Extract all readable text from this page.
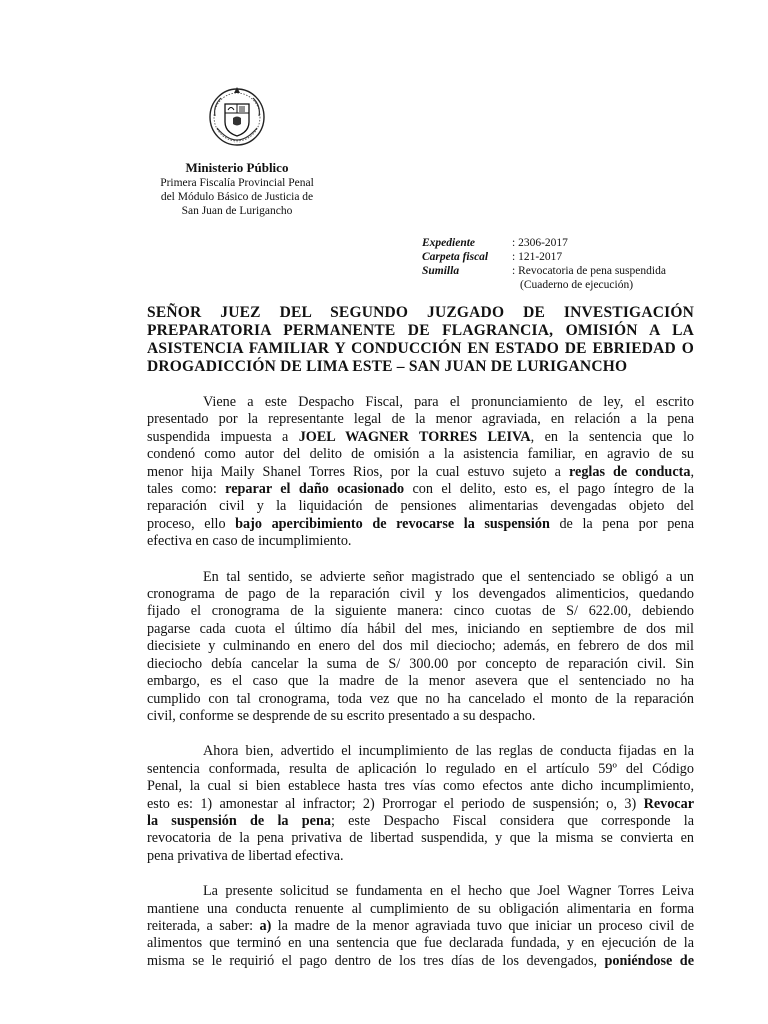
· · ·
Ministerio Público
Primera Fiscalía Provincial Penal
del Módulo Básico de Justicia de
San Juan de Lurigancho
Expediente	: 2306-2017
Carpeta fiscal	: 121-2017
Sumilla	: Revocatoria de pena suspendida
(Cuaderno de ejecución)
SEÑOR JUEZ DEL SEGUNDO JUZGADO DE INVESTIGACIÓN
PREPARATORIA PERMANENTE DE FLAGRANCIA, OMISIÓN A LA
ASISTENCIA FAMILIAR Y CONDUCCIÓN EN ESTADO DE EBRIEDAD O
DROGADICCIÓN DE LIMA ESTE – SAN JUAN DE LURIGANCHO

Viene a este Despacho Fiscal, para el pronunciamiento de ley, el escrito
presentado por la representante legal de la menor agraviada, en relación a la pena
suspendida impuesta a JOEL WAGNER TORRES LEIVA, en la sentencia que lo
condenó como autor del delito de omisión a la asistencia familiar, en agravio de su
menor hija Maily Shanel Torres Rios, por la cual estuvo sujeto a reglas de conducta,
tales como: reparar el daño ocasionado con el delito, esto es, el pago íntegro de la
reparación civil y la liquidación de pensiones alimentarias devengadas objeto del
proceso, ello bajo apercibimiento de revocarse la suspensión de la pena por pena
efectiva en caso de incumplimiento.

En tal sentido, se advierte señor magistrado que el sentenciado se obligó a un
cronograma de pago de la reparación civil y los devengados alimenticios, quedando
fijado el cronograma de la siguiente manera: cinco cuotas de S/ 622.00, debiendo
pagarse cada cuota el último día hábil del mes, iniciando en septiembre de dos mil
diecisiete y culminando en enero del dos mil dieciocho; además, en febrero de dos mil
dieciocho debía cancelar la suma de S/ 300.00 por concepto de reparación civil. Sin
embargo, es el caso que la madre de la menor asevera que el sentenciado no ha
cumplido con tal cronograma, toda vez que no ha cancelado el monto de la reparación
civil, conforme se desprende de su escrito presentado a su despacho.

Ahora bien, advertido el incumplimiento de las reglas de conducta fijadas en la
sentencia conformada, resulta de aplicación lo regulado en el artículo 59º del Código
Penal, la cual si bien establece hasta tres vías como efectos ante dicho incumplimiento,
esto es: 1) amonestar al infractor; 2) Prorrogar el periodo de suspensión; o, 3) Revocar
la suspensión de la pena; este Despacho Fiscal considera que corresponde la
revocatoria de la pena privativa de libertad suspendida, y que la misma se convierta en
pena privativa de libertad efectiva.

La presente solicitud se fundamenta en el hecho que Joel Wagner Torres Leiva
mantiene una conducta renuente al cumplimiento de su obligación alimentaria en forma
reiterada, a saber: a) la madre de la menor agraviada tuvo que iniciar un proceso civil de
alimentos que terminó en una sentencia que fue declarada fundada, y en ejecución de la
misma se le requirió el pago dentro de los tres días de los devengados, poniéndose de
